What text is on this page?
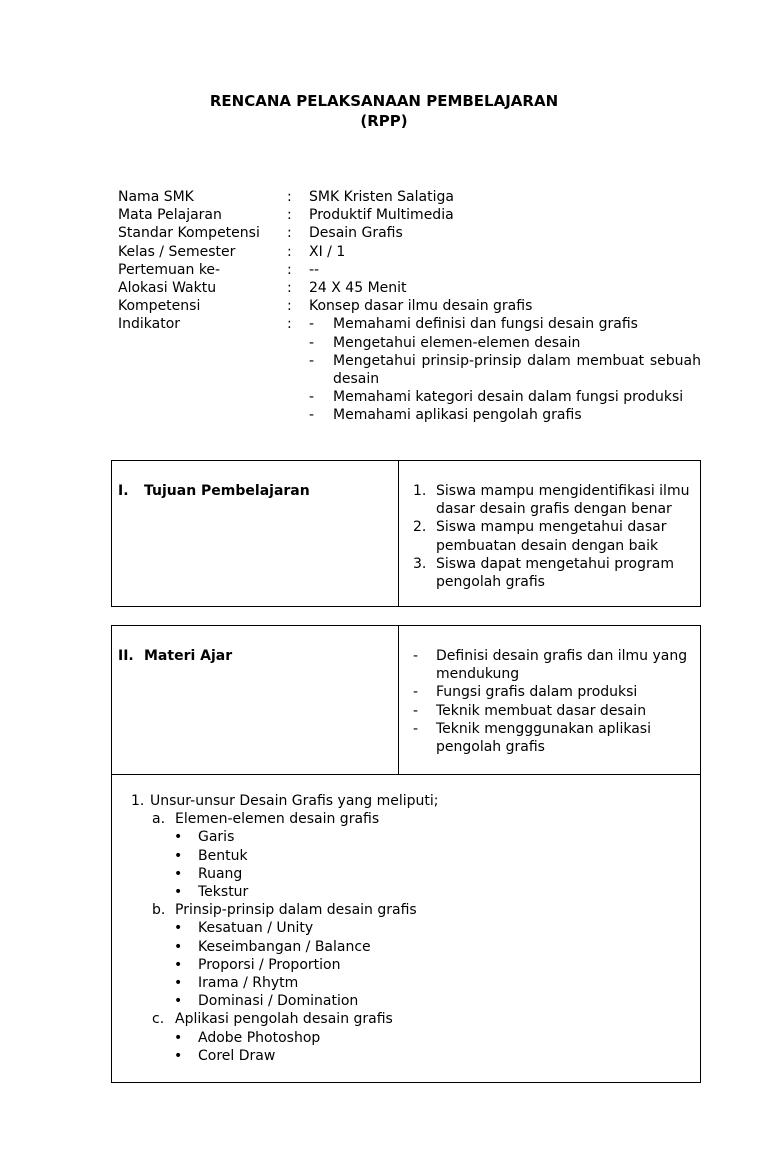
RENCANA PELAKSANAAN PEMBELAJARAN
(RPP)
Nama SMK	: SMK Kristen Salatiga
Mata Pelajaran	: Produktif Multimedia
Standar Kompetensi : Desain Grafis
Kelas / Semester	: XI / 1
Pertemuan ke-	: --
Alokasi Waktu	: 24 X 45 Menit
Kompetensi	: Konsep dasar ilmu desain grafis
Indikator	: - Memahami definisi dan fungsi desain grafis
- Mengetahui elemen-elemen desain
- Mengetahui prinsip-prinsip dalam membuat sebuah
desain
- Memahami kategori desain dalam fungsi produksi
- Memahami aplikasi pengolah grafis
I. Tujuan Pembelajaran	1. Siswa mampu mengidentifikasi ilmu dasar desain grafis dengan benar
2. Siswa mampu mengetahui dasar pembuatan desain dengan baik
3. Siswa dapat mengetahui program pengolah grafis
II. Materi Ajar	- Definisi desain grafis dan ilmu yang mendukung
- Fungsi grafis dalam produksi
- Teknik membuat dasar desain
- Teknik mengggunakan aplikasi pengolah grafis
1. Unsur-unsur Desain Grafis yang meliputi;
a. Elemen-elemen desain grafis
• Garis
• Bentuk
• Ruang
• Tekstur
b. Prinsip-prinsip dalam desain grafis
• Kesatuan / Unity
• Keseimbangan / Balance
• Proporsi / Proportion
• Irama / Rhytm
• Dominasi / Domination
c. Aplikasi pengolah desain grafis
• Adobe Photoshop
• Corel Draw
